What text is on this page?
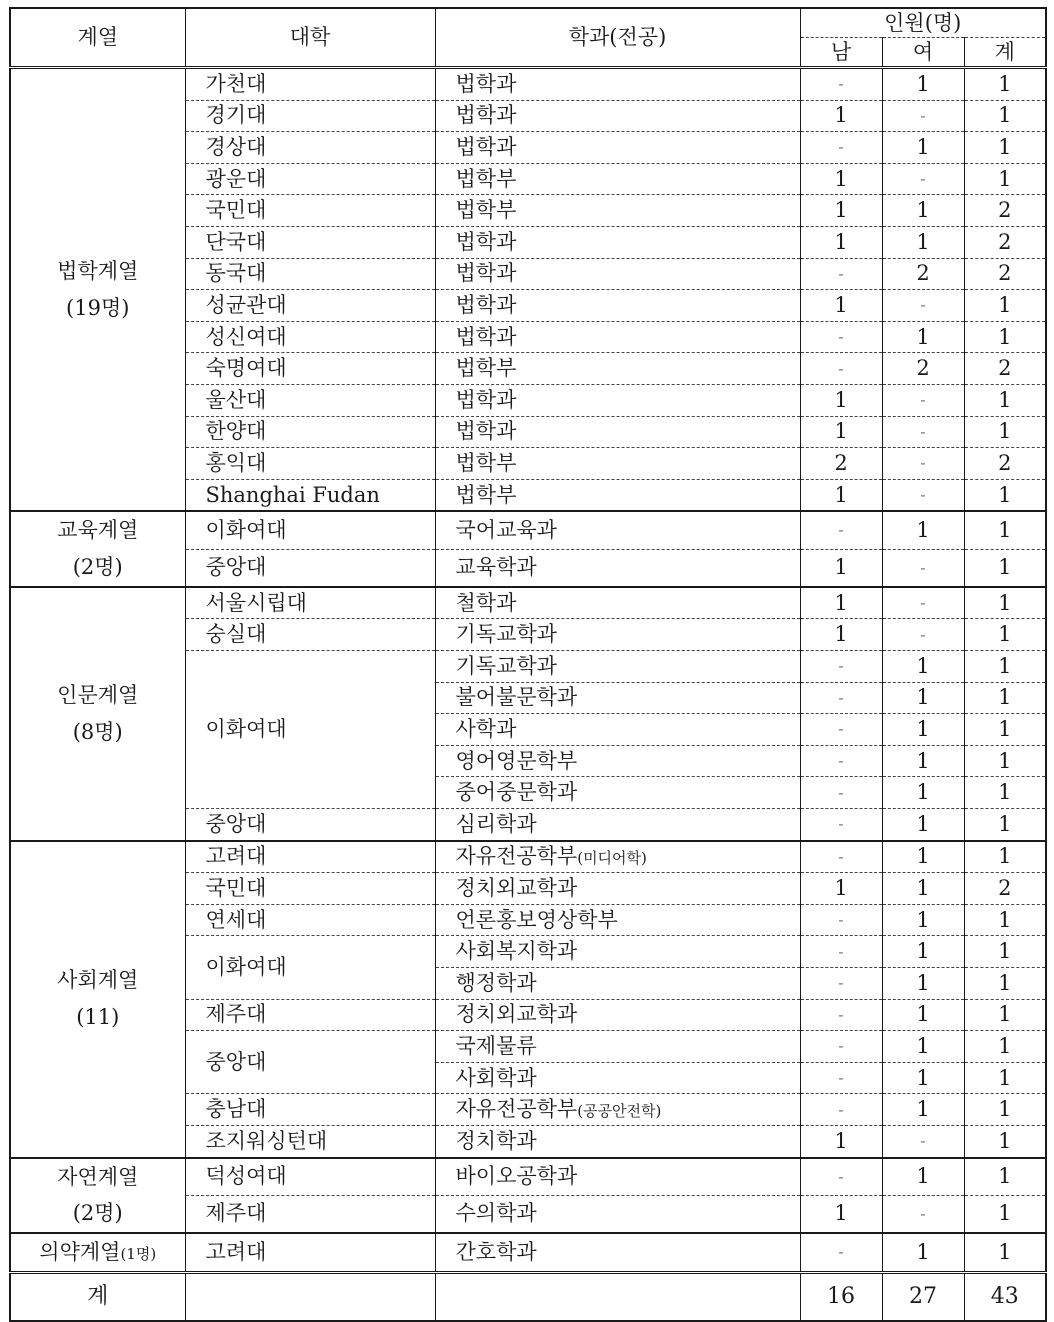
계열	대학	학과(전공)	인원(명)		
			남	여	계
법학계열
(19명)	가천대	법학과	-	1	1
	경기대	법학과	1	-	1
	경상대	법학과	-	1	1
	광운대	법학부	1	-	1
	국민대	법학부	1	1	2
	단국대	법학과	1	1	2
	동국대	법학과	-	2	2
	성균관대	법학과	1	-	1
	성신여대	법학과	-	1	1
	숙명여대	법학부	-	2	2
	울산대	법학과	1	-	1
	한양대	법학과	1	-	1
	홍익대	법학부	2	-	2
	Shanghai Fudan	법학부	1	-	1
교육계열
(2명)	이화여대	국어교육과	-	1	1
	중앙대	교육학과	1	-	1
인문계열
(8명)	서울시립대	철학과	1	-	1
	숭실대	기독교학과	1	-	1
	이화여대	기독교학과	-	1	1
		불어불문학과	-	1	1
		사학과	-	1	1
		영어영문학부	-	1	1
		중어중문학과	-	1	1
	중앙대	심리학과	-	1	1
사회계열
(11)	고려대	자유전공학부(미디어학)	-	1	1
	국민대	정치외교학과	1	1	2
	연세대	언론홍보영상학부	-	1	1
	이화여대	사회복지학과	-	1	1
		행정학과	-	1	1
	제주대	정치외교학과	-	1	1
	중앙대	국제물류	-	1	1
		사회학과	-	1	1
	충남대	자유전공학부(공공안전학)	-	1	1
	조지워싱턴대	정치학과	1	-	1
자연계열
(2명)	덕성여대	바이오공학과	-	1	1
	제주대	수의학과	1	-	1
의약계열(1명)	고려대	간호학과	-	1	1
계			16	27	43
